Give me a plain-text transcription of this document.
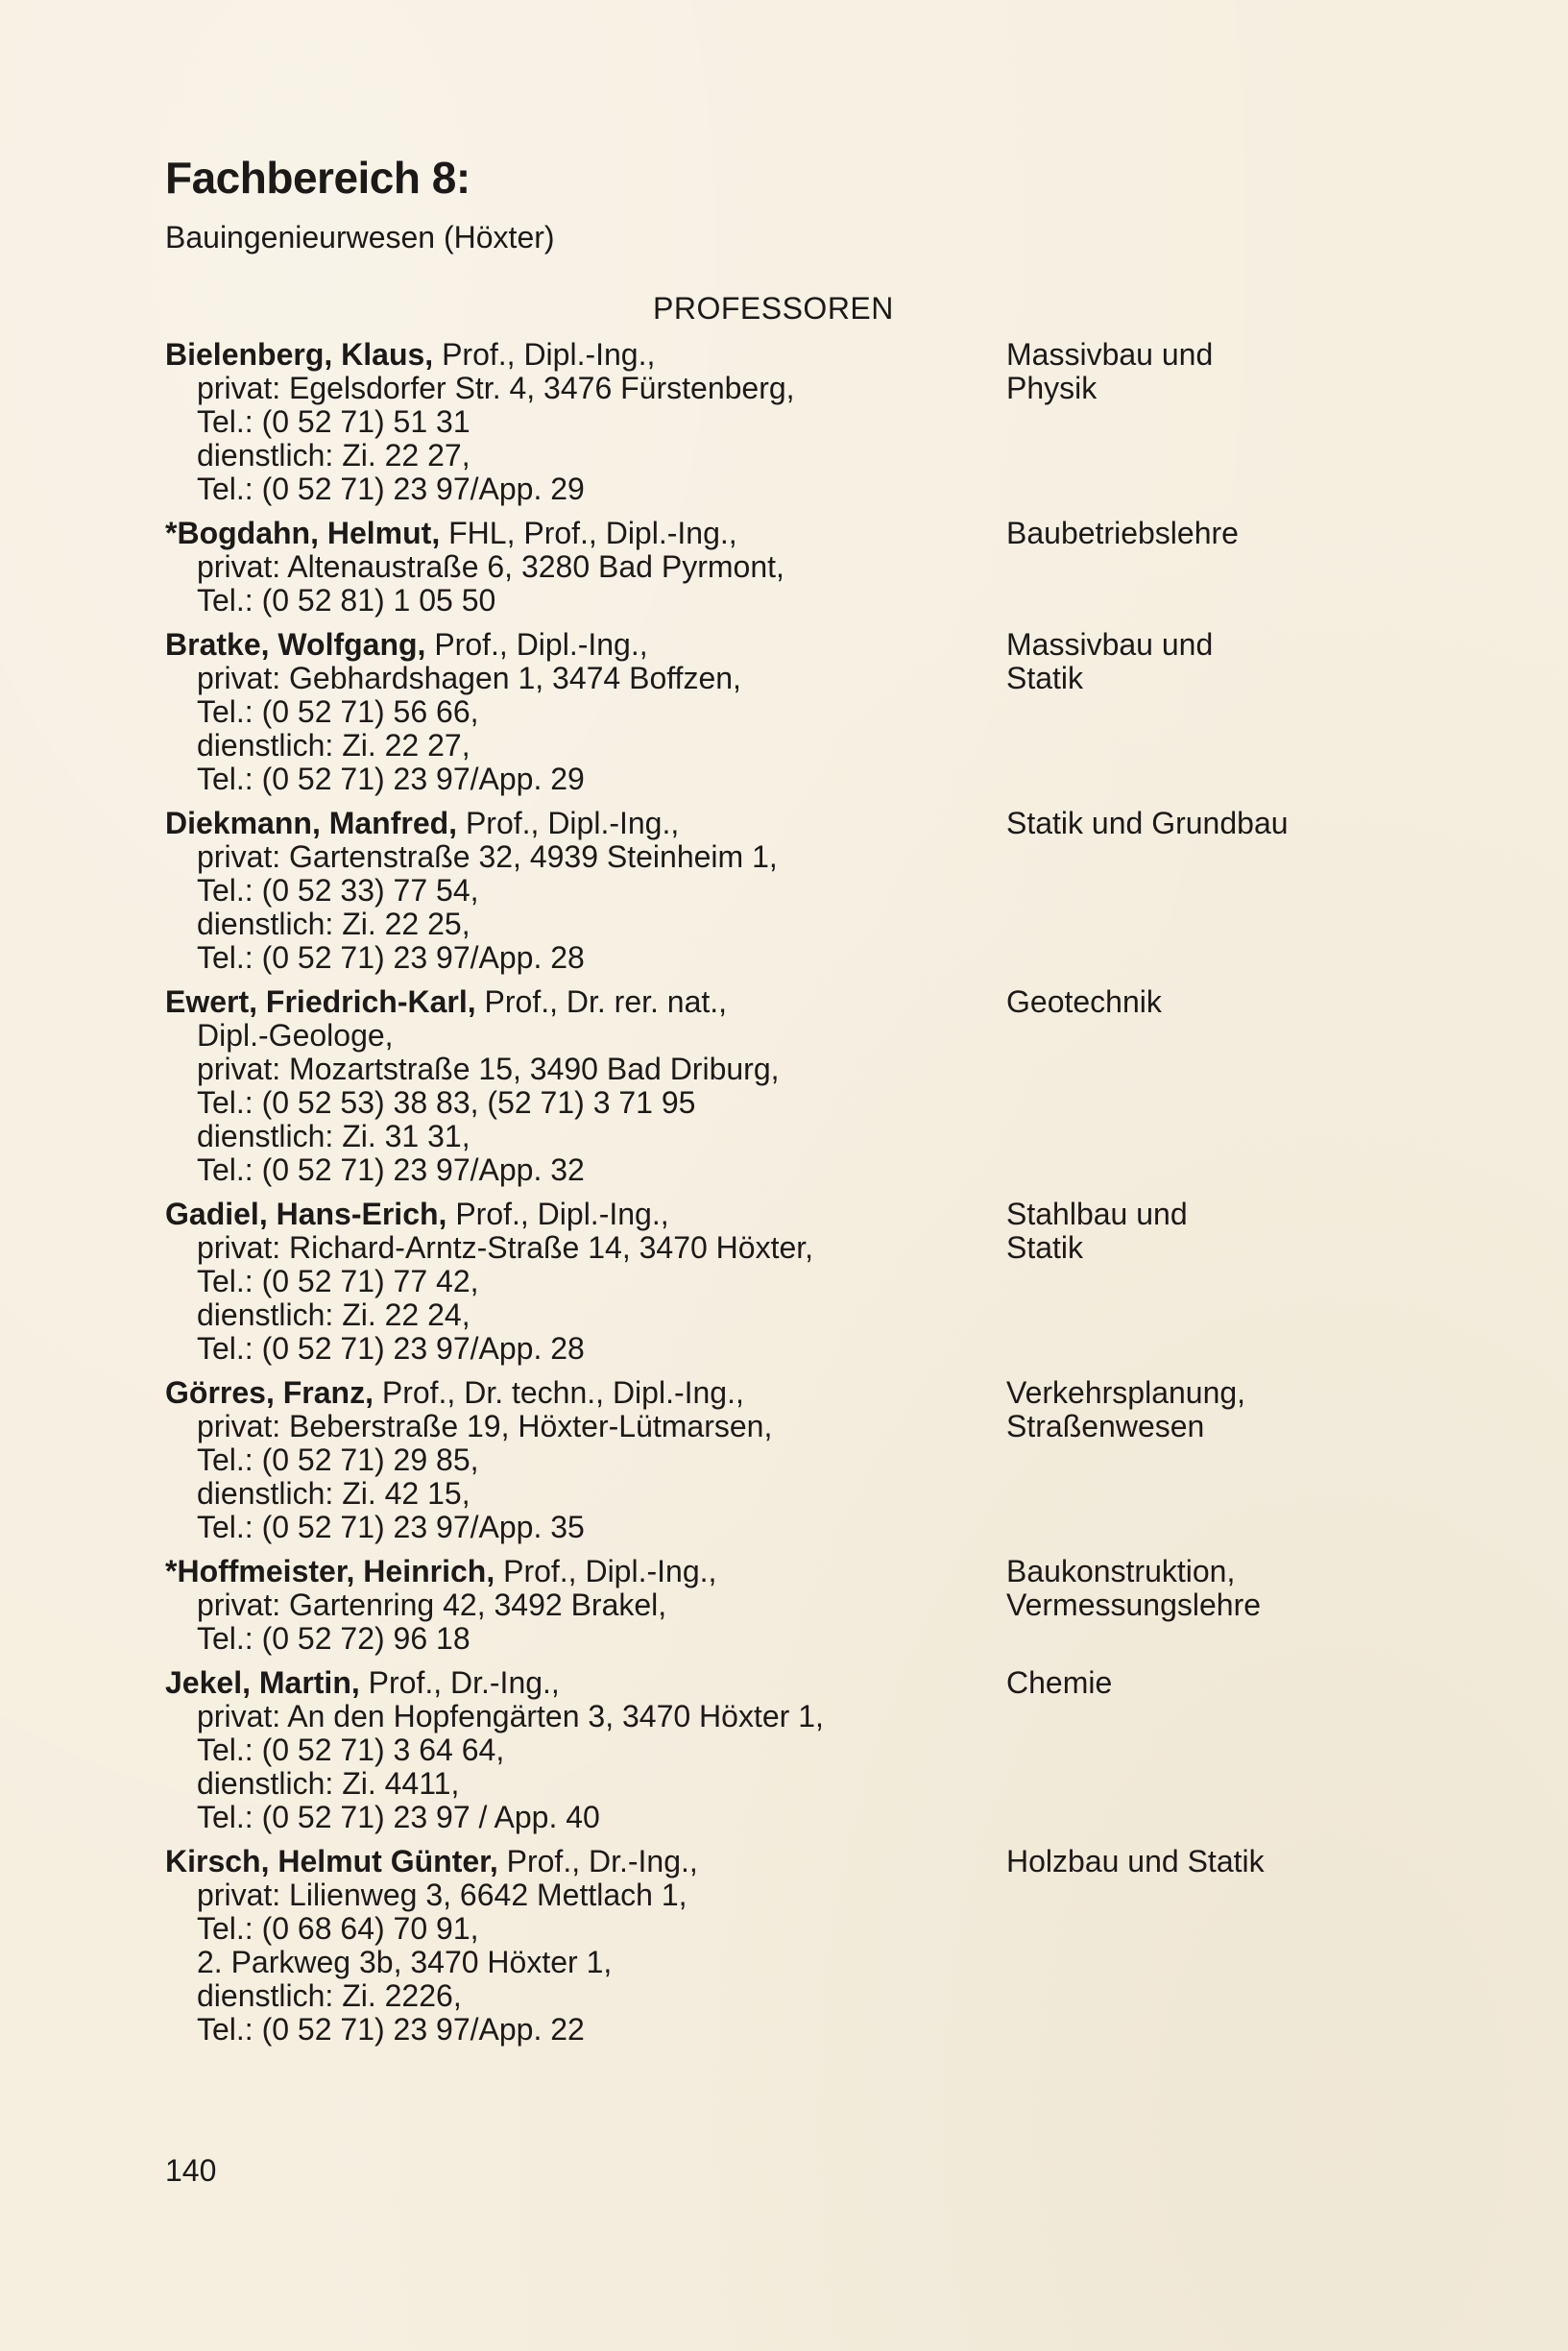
Fachbereich 8:
Bauingenieurwesen (Höxter)
PROFESSOREN
Bielenberg, Klaus, Prof., Dipl.-Ing.,
privat: Egelsdorfer Str. 4, 3476 Fürstenberg,
Tel.: (0 52 71) 51 31
dienstlich: Zi. 22 27,
Tel.: (0 52 71) 23 97/App. 29
Massivbau und
Physik
*Bogdahn, Helmut, FHL, Prof., Dipl.-Ing.,
privat: Altenaustraße 6, 3280 Bad Pyrmont,
Tel.: (0 52 81) 1 05 50
Baubetriebslehre
Bratke, Wolfgang, Prof., Dipl.-Ing.,
privat: Gebhardshagen 1, 3474 Boffzen,
Tel.: (0 52 71) 56 66,
dienstlich: Zi. 22 27,
Tel.: (0 52 71) 23 97/App. 29
Massivbau und
Statik
Diekmann, Manfred, Prof., Dipl.-Ing.,
privat: Gartenstraße 32, 4939 Steinheim 1,
Tel.: (0 52 33) 77 54,
dienstlich: Zi. 22 25,
Tel.: (0 52 71) 23 97/App. 28
Statik und Grundbau
Ewert, Friedrich-Karl, Prof., Dr. rer. nat.,
Dipl.-Geologe,
privat: Mozartstraße 15, 3490 Bad Driburg,
Tel.: (0 52 53) 38 83, (52 71) 3 71 95
dienstlich: Zi. 31 31,
Tel.: (0 52 71) 23 97/App. 32
Geotechnik
Gadiel, Hans-Erich, Prof., Dipl.-Ing.,
privat: Richard-Arntz-Straße 14, 3470 Höxter,
Tel.: (0 52 71) 77 42,
dienstlich: Zi. 22 24,
Tel.: (0 52 71) 23 97/App. 28
Stahlbau und
Statik
Görres, Franz, Prof., Dr. techn., Dipl.-Ing.,
privat: Beberstraße 19, Höxter-Lütmarsen,
Tel.: (0 52 71) 29 85,
dienstlich: Zi. 42 15,
Tel.: (0 52 71) 23 97/App. 35
Verkehrsplanung,
Straßenwesen
*Hoffmeister, Heinrich, Prof., Dipl.-Ing.,
privat: Gartenring 42, 3492 Brakel,
Tel.: (0 52 72) 96 18
Baukonstruktion,
Vermessungslehre
Jekel, Martin, Prof., Dr.-Ing.,
privat: An den Hopfengärten 3, 3470 Höxter 1,
Tel.: (0 52 71) 3 64 64,
dienstlich: Zi. 4411,
Tel.: (0 52 71) 23 97 / App. 40
Chemie
Kirsch, Helmut Günter, Prof., Dr.-Ing.,
privat: Lilienweg 3, 6642 Mettlach 1,
Tel.: (0 68 64) 70 91,
2. Parkweg 3b, 3470 Höxter 1,
dienstlich: Zi. 2226,
Tel.: (0 52 71) 23 97/App. 22
Holzbau und Statik
140
